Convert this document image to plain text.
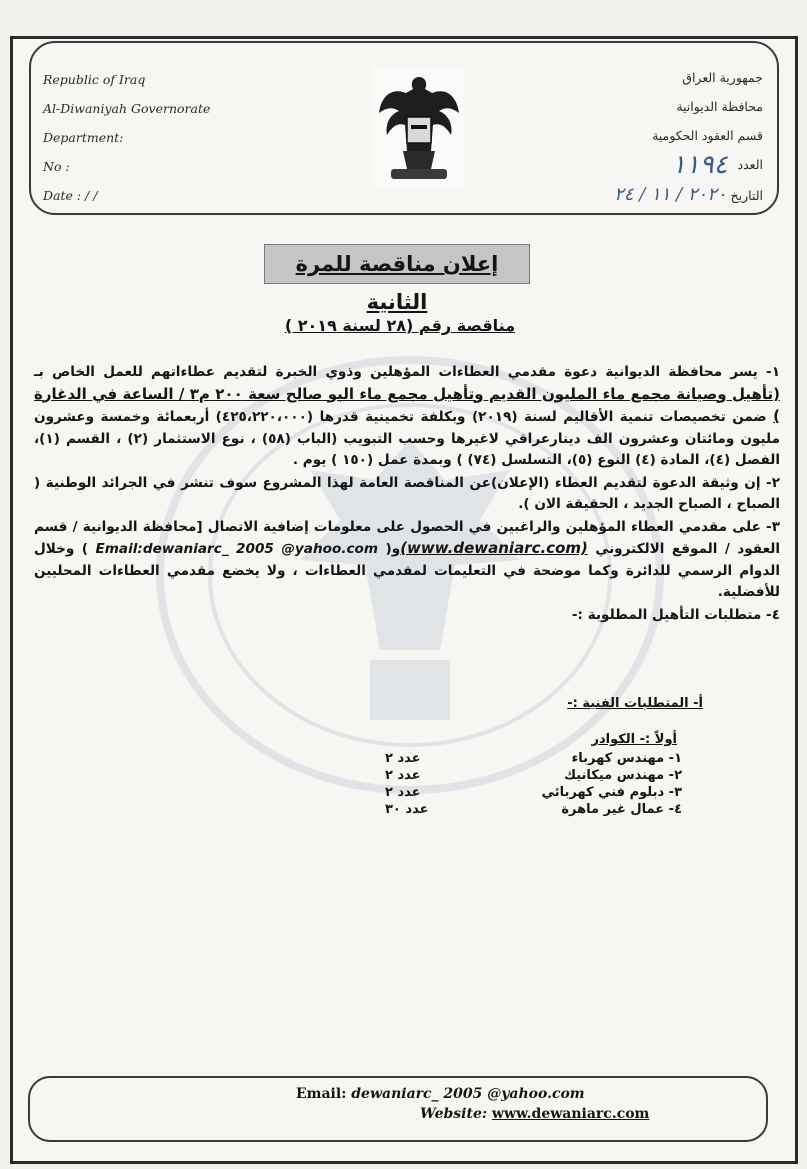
Republic of Iraq
Al-Diwaniyah Governorate
Department:
No :
Date : / /
جمهورية العراق
محافظة الديوانية
قسم العقود الحكومية
العدد ١١٩٤
التاريخ ٢٠٢٠ / ١١ / ٢٤
إعلان مناقصة للمرة الثانية
مناقصة رقم (٢٨ لسنة ٢٠١٩ )

١- يسر محافظة الديوانية دعوة مقدمي العطاءات المؤهلين وذوي الخبرة لتقديم عطاءاتهم للعمل الخاص بـ (تأهيل وصيانة مجمع ماء المليون القديم وتأهيل مجمع ماء البو صالح سعة ٢٠٠ م٣ / الساعة في الدغارة ) ضمن تخصيصات تنمية الأقاليم لسنة (٢٠١٩) وبكلفة تخمينية قدرها (٤٢٥،٢٢٠،٠٠٠) أربعمائة وخمسة وعشرون مليون ومائتان وعشرون الف دينارعراقي لاغيرها وحسب التبويب (الباب (٥٨) ، نوع الاستثمار (٢) ، القسم (١)، الفصل (٤)، المادة (٤) النوع (٥)، التسلسل (٧٤) ) وبمدة عمل (١٥٠ ) يوم .

٢- إن وثيقة الدعوة لتقديم العطاء (الإعلان)عن المناقصة العامة لهذا المشروع سوف تنشر في الجرائد الوطنية ( الصباح ، الصباح الجديد ، الحقيقة الان ).

٣- على مقدمي العطاء المؤهلين والراغبين في الحصول على معلومات إضافية الاتصال [محافظة الديوانية / قسم العقود / الموقع الالكتروني (www.dewaniarc.com)و( Email:dewaniarc_ 2005 @yahoo.com ) وخلال الدوام الرسمي للدائرة وكما موضحة في التعليمات لمقدمي العطاءات ، ولا يخضع مقدمي العطاءات المحليين للأفضلية.

٤- متطلبات التأهيل المطلوبة :-

أ- المتطلبات الفنية :-
أولاً :- الكوادر
١- مهندس كهرباء
عدد ٢
٢- مهندس ميكانيك
عدد ٢
٣- دبلوم فني كهربائي
عدد ٢
٤- عمال غير ماهرة
عدد ٣٠
Email: dewaniarc_ 2005 @yahoo.com
Website: www.dewaniarc.com
